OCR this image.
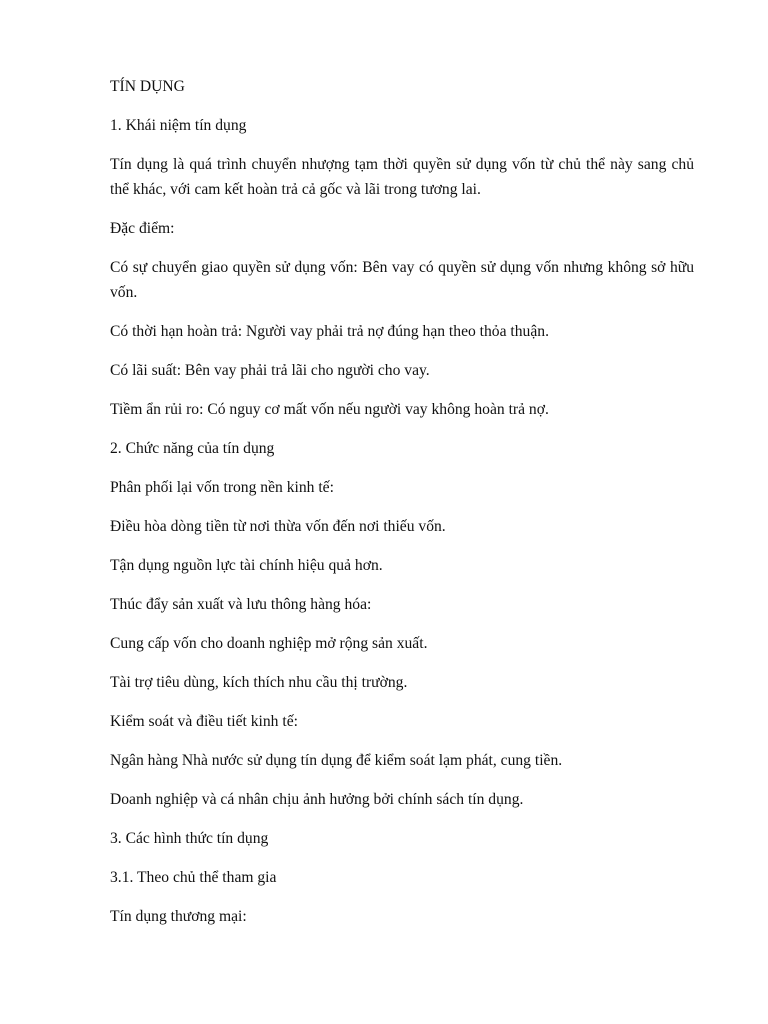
TÍN DỤNG

1. Khái niệm tín dụng

Tín dụng là quá trình chuyển nhượng tạm thời quyền sử dụng vốn từ chủ thể này sang chủ thể khác, với cam kết hoàn trả cả gốc và lãi trong tương lai.

Đặc điểm:

Có sự chuyển giao quyền sử dụng vốn: Bên vay có quyền sử dụng vốn nhưng không sở hữu vốn.

Có thời hạn hoàn trả: Người vay phải trả nợ đúng hạn theo thỏa thuận.

Có lãi suất: Bên vay phải trả lãi cho người cho vay.

Tiềm ẩn rủi ro: Có nguy cơ mất vốn nếu người vay không hoàn trả nợ.

2. Chức năng của tín dụng

Phân phối lại vốn trong nền kinh tế:

Điều hòa dòng tiền từ nơi thừa vốn đến nơi thiếu vốn.

Tận dụng nguồn lực tài chính hiệu quả hơn.

Thúc đẩy sản xuất và lưu thông hàng hóa:

Cung cấp vốn cho doanh nghiệp mở rộng sản xuất.

Tài trợ tiêu dùng, kích thích nhu cầu thị trường.

Kiểm soát và điều tiết kinh tế:

Ngân hàng Nhà nước sử dụng tín dụng để kiểm soát lạm phát, cung tiền.

Doanh nghiệp và cá nhân chịu ảnh hưởng bởi chính sách tín dụng.

3. Các hình thức tín dụng

3.1. Theo chủ thể tham gia

Tín dụng thương mại:
